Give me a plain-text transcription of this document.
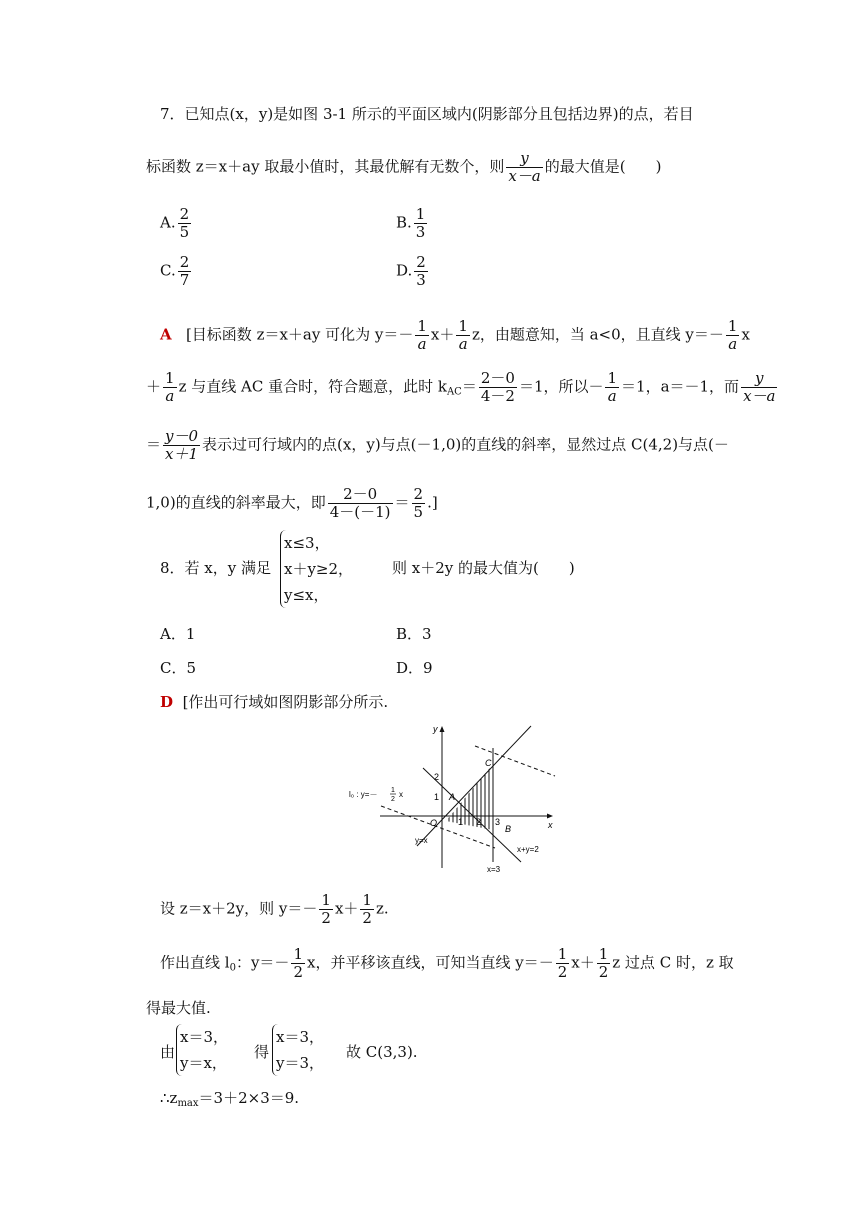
7．已知点(x，y)是如图 3-1 所示的平面区域内(阴影部分且包括边界)的点，若目
标函数 z＝x＋ay 取最小值时，其最优解有无数个，则 $\frac{y}{x-a}$ 的最大值是(　　)
A. $\frac{2}{5}$	B. $\frac{1}{3}$
C. $\frac{2}{7}$	D. $\frac{2}{3}$
A [目标函数 z＝x＋ay 可化为 $y=- \frac{1}{a} x+ \frac{1}{a}$ z，由题意知，当 a<0，且直线 $y=- \frac{1}{a}$ x
＋ $\frac{1}{a}$ z 与直线 AC 重合时，符合题意，此时 $k_{AC}= \frac{2-0}{4-2} =1$，所以－ $\frac{1}{a} =1$，a＝－1，而 $\frac{y}{x-a}$
＝ $\frac{y-0}{x+1}$ 表示过可行域内的点(x，y)与点(－1,0)的直线的斜率，显然过点 C(4,2)与点(－
1,0)的直线的斜率最大，即 $\frac{2-0}{4-(-1)} = \frac{2}{5}$ .]
8．若 x，y 满足
x≤3，
x＋y≥2，
y≤x，
则 x＋2y 的最大值为(　　)
A．1	B．3
C．5	D．9
D [作出可行域如图阴影部分所示.
y
x
O 1 2 3
1
2
A
B
C
y=x
x+y=2
x=3
l₀ : y=－ 1
2
x
设 z＝x＋2y，则 $y=- \frac{1}{2} x+ \frac{1}{2} z$.
作出直线 $l_0$：$y=- \frac{1}{2}$ x，并平移该直线，可知当直线 $y=- \frac{1}{2} x+ \frac{1}{2}$ z 过点 C 时，z 取
得最大值.
由
x＝3，
y＝x，
得
x＝3，
y＝3，
故 C(3,3).
$\therefore z_{max}=3+2\times 3=9$.
